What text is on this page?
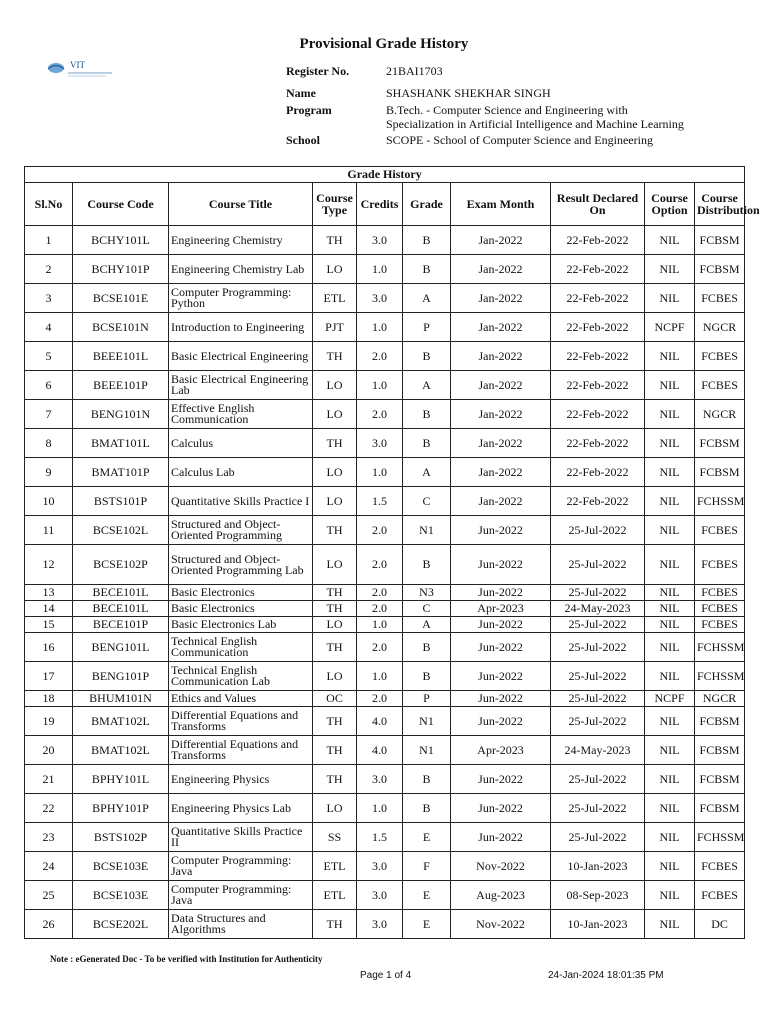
Provisional Grade History
VIT	Register No.	21BAI1703
Name	SHASHANK SHEKHAR SINGH
Program	B.Tech. - Computer Science and Engineering with
Specialization in Artificial Intelligence and Machine Learning
School	SCOPE - School of Computer Science and Engineering
Grade History									
Sl.No	Course Code	Course Title	Course Type	Credits	Grade	Exam Month	Result Declared On	Course Option	Course Distribution
1	BCHY101L	Engineering Chemistry	TH	3.0	B	Jan-2022	22-Feb-2022	NIL	FCBSM
2	BCHY101P	Engineering Chemistry Lab	LO	1.0	B	Jan-2022	22-Feb-2022	NIL	FCBSM
3	BCSE101E	Computer Programming: Python	ETL	3.0	A	Jan-2022	22-Feb-2022	NIL	FCBES
4	BCSE101N	Introduction to Engineering	PJT	1.0	P	Jan-2022	22-Feb-2022	NCPF	NGCR
5	BEEE101L	Basic Electrical Engineering	TH	2.0	B	Jan-2022	22-Feb-2022	NIL	FCBES
6	BEEE101P	Basic Electrical Engineering Lab	LO	1.0	A	Jan-2022	22-Feb-2022	NIL	FCBES
7	BENG101N	Effective English Communication	LO	2.0	B	Jan-2022	22-Feb-2022	NIL	NGCR
8	BMAT101L	Calculus	TH	3.0	B	Jan-2022	22-Feb-2022	NIL	FCBSM
9	BMAT101P	Calculus Lab	LO	1.0	A	Jan-2022	22-Feb-2022	NIL	FCBSM
10	BSTS101P	Quantitative Skills Practice I	LO	1.5	C	Jan-2022	22-Feb-2022	NIL	FCHSSM
11	BCSE102L	Structured and Object-Oriented Programming	TH	2.0	N1	Jun-2022	25-Jul-2022	NIL	FCBES
12	BCSE102P	Structured and Object-Oriented Programming Lab	LO	2.0	B	Jun-2022	25-Jul-2022	NIL	FCBES
13	BECE101L	Basic Electronics	TH	2.0	N3	Jun-2022	25-Jul-2022	NIL	FCBES
14	BECE101L	Basic Electronics	TH	2.0	C	Apr-2023	24-May-2023	NIL	FCBES
15	BECE101P	Basic Electronics Lab	LO	1.0	A	Jun-2022	25-Jul-2022	NIL	FCBES
16	BENG101L	Technical English Communication	TH	2.0	B	Jun-2022	25-Jul-2022	NIL	FCHSSM
17	BENG101P	Technical English Communication Lab	LO	1.0	B	Jun-2022	25-Jul-2022	NIL	FCHSSM
18	BHUM101N	Ethics and Values	OC	2.0	P	Jun-2022	25-Jul-2022	NCPF	NGCR
19	BMAT102L	Differential Equations and Transforms	TH	4.0	N1	Jun-2022	25-Jul-2022	NIL	FCBSM
20	BMAT102L	Differential Equations and Transforms	TH	4.0	N1	Apr-2023	24-May-2023	NIL	FCBSM
21	BPHY101L	Engineering Physics	TH	3.0	B	Jun-2022	25-Jul-2022	NIL	FCBSM
22	BPHY101P	Engineering Physics Lab	LO	1.0	B	Jun-2022	25-Jul-2022	NIL	FCBSM
23	BSTS102P	Quantitative Skills Practice II	SS	1.5	E	Jun-2022	25-Jul-2022	NIL	FCHSSM
24	BCSE103E	Computer Programming: Java	ETL	3.0	F	Nov-2022	10-Jan-2023	NIL	FCBES
25	BCSE103E	Computer Programming: Java	ETL	3.0	E	Aug-2023	08-Sep-2023	NIL	FCBES
26	BCSE202L	Data Structures and Algorithms	TH	3.0	E	Nov-2022	10-Jan-2023	NIL	DC
Note : eGenerated Doc - To be verified with Institution for Authenticity
Page 1 of 4	24-Jan-2024 18:01:35 PM
